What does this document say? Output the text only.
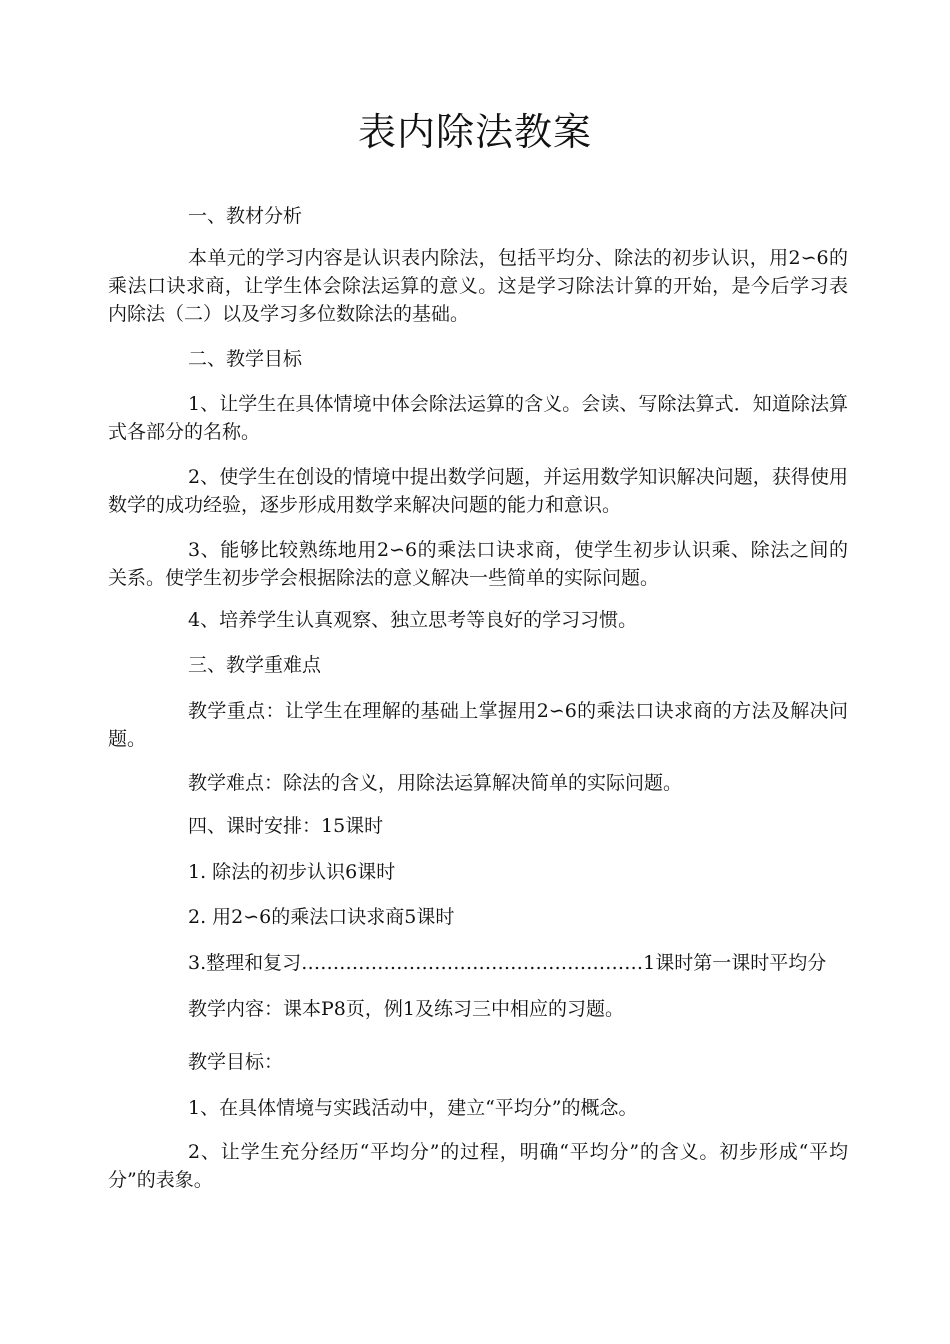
表内除法教案
一、教材分析
本单元的学习内容是认识表内除法，包括平均分、除法的初步认识，用2∽6的乘法口诀求商，让学生体会除法运算的意义。这是学习除法计算的开始，是今后学习表内除法（二）以及学习多位数除法的基础。
二、教学目标
1、让学生在具体情境中体会除法运算的含义。会读、写除法算式．知道除法算式各部分的名称。
2、使学生在创设的情境中提出数学问题，并运用数学知识解决问题，获得使用数学的成功经验，逐步形成用数学来解决问题的能力和意识。
3、能够比较熟练地用2∽6的乘法口诀求商，使学生初步认识乘、除法之间的关系。使学生初步学会根据除法的意义解决一些简单的实际问题。
4、培养学生认真观察、独立思考等良好的学习习惯。
三、教学重难点
教学重点：让学生在理解的基础上掌握用2∽6的乘法口诀求商的方法及解决问题。
教学难点：除法的含义，用除法运算解决简单的实际问题。
四、课时安排：15课时
1. 除法的初步认识6课时
2. 用2∽6的乘法口诀求商5课时
3.整理和复习………………………………………………1课时第一课时平均分
教学内容：课本P8页，例1及练习三中相应的习题。
教学目标：
1、在具体情境与实践活动中，建立“平均分”的概念。
2、让学生充分经历“平均分”的过程，明确“平均分”的含义。初步形成“平均分”的表象。
